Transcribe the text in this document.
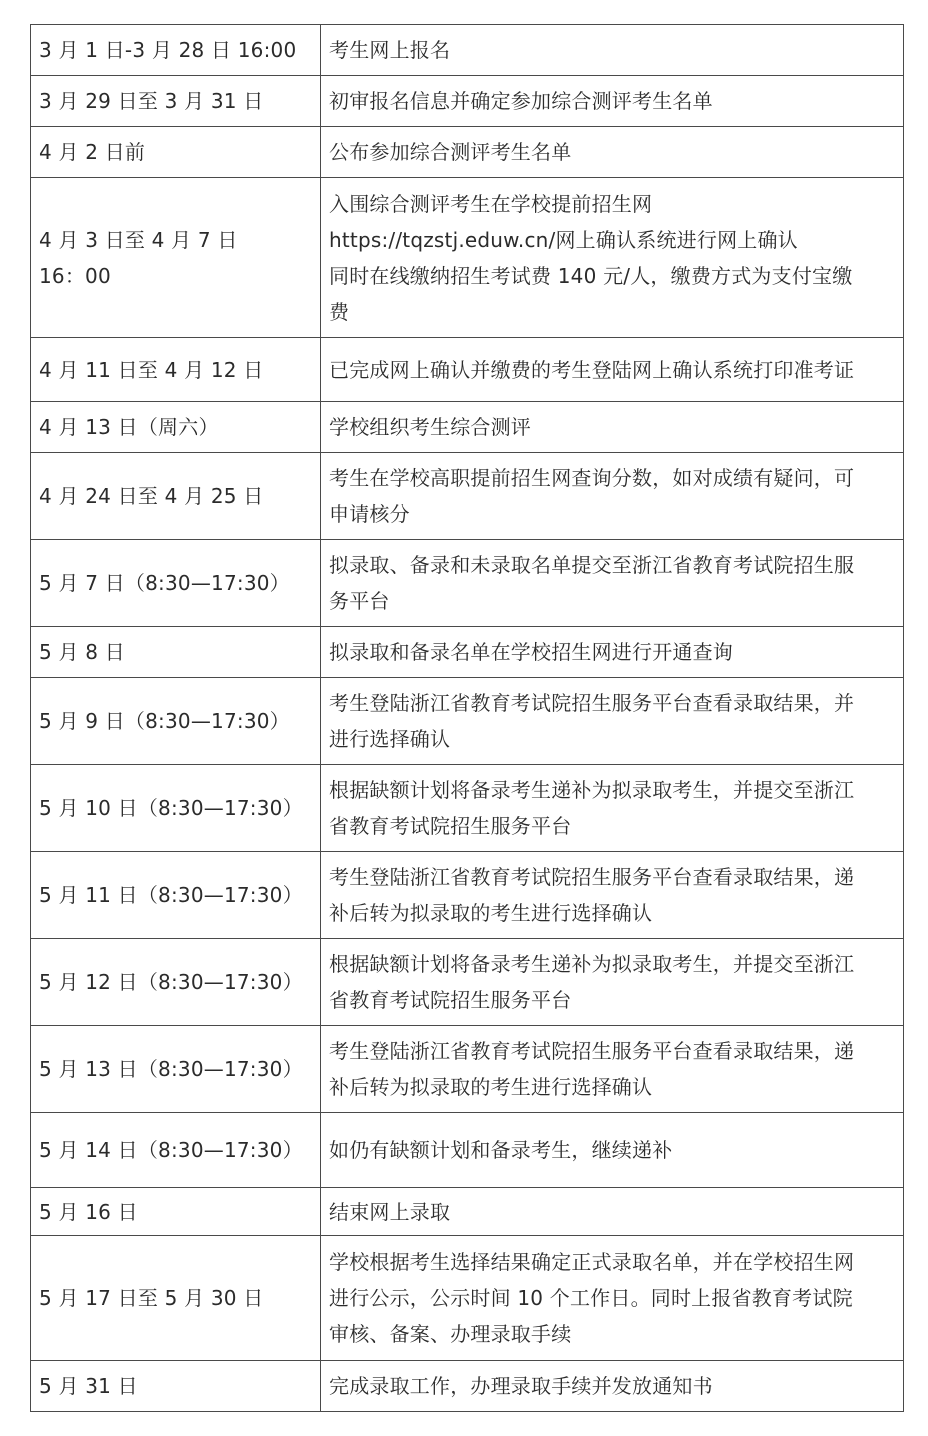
3 月 1 日-3 月 28 日 16:00	考生网上报名
3 月 29 日至 3 月 31 日	初审报名信息并确定参加综合测评考生名单
4 月 2 日前	公布参加综合测评考生名单
4 月 3 日至 4 月 7 日
16：00	入围综合测评考生在学校提前招生网
https://tqzstj.eduw.cn/网上确认系统进行网上确认
同时在线缴纳招生考试费 140 元/人，缴费方式为支付宝缴
费
4 月 11 日至 4 月 12 日	已完成网上确认并缴费的考生登陆网上确认系统打印准考证
4 月 13 日（周六）	学校组织考生综合测评
4 月 24 日至 4 月 25 日	考生在学校高职提前招生网查询分数，如对成绩有疑问，可
申请核分
5 月 7 日（8:30—17:30）	拟录取、备录和未录取名单提交至浙江省教育考试院招生服
务平台
5 月 8 日	拟录取和备录名单在学校招生网进行开通查询
5 月 9 日（8:30—17:30）	考生登陆浙江省教育考试院招生服务平台查看录取结果，并
进行选择确认
5 月 10 日（8:30—17:30）	根据缺额计划将备录考生递补为拟录取考生，并提交至浙江
省教育考试院招生服务平台
5 月 11 日（8:30—17:30）	考生登陆浙江省教育考试院招生服务平台查看录取结果，递
补后转为拟录取的考生进行选择确认
5 月 12 日（8:30—17:30）	根据缺额计划将备录考生递补为拟录取考生，并提交至浙江
省教育考试院招生服务平台
5 月 13 日（8:30—17:30）	考生登陆浙江省教育考试院招生服务平台查看录取结果，递
补后转为拟录取的考生进行选择确认
5 月 14 日（8:30—17:30）	如仍有缺额计划和备录考生，继续递补
5 月 16 日	结束网上录取
5 月 17 日至 5 月 30 日	学校根据考生选择结果确定正式录取名单，并在学校招生网
进行公示，公示时间 10 个工作日。同时上报省教育考试院
审核、备案、办理录取手续
5 月 31 日	完成录取工作，办理录取手续并发放通知书
